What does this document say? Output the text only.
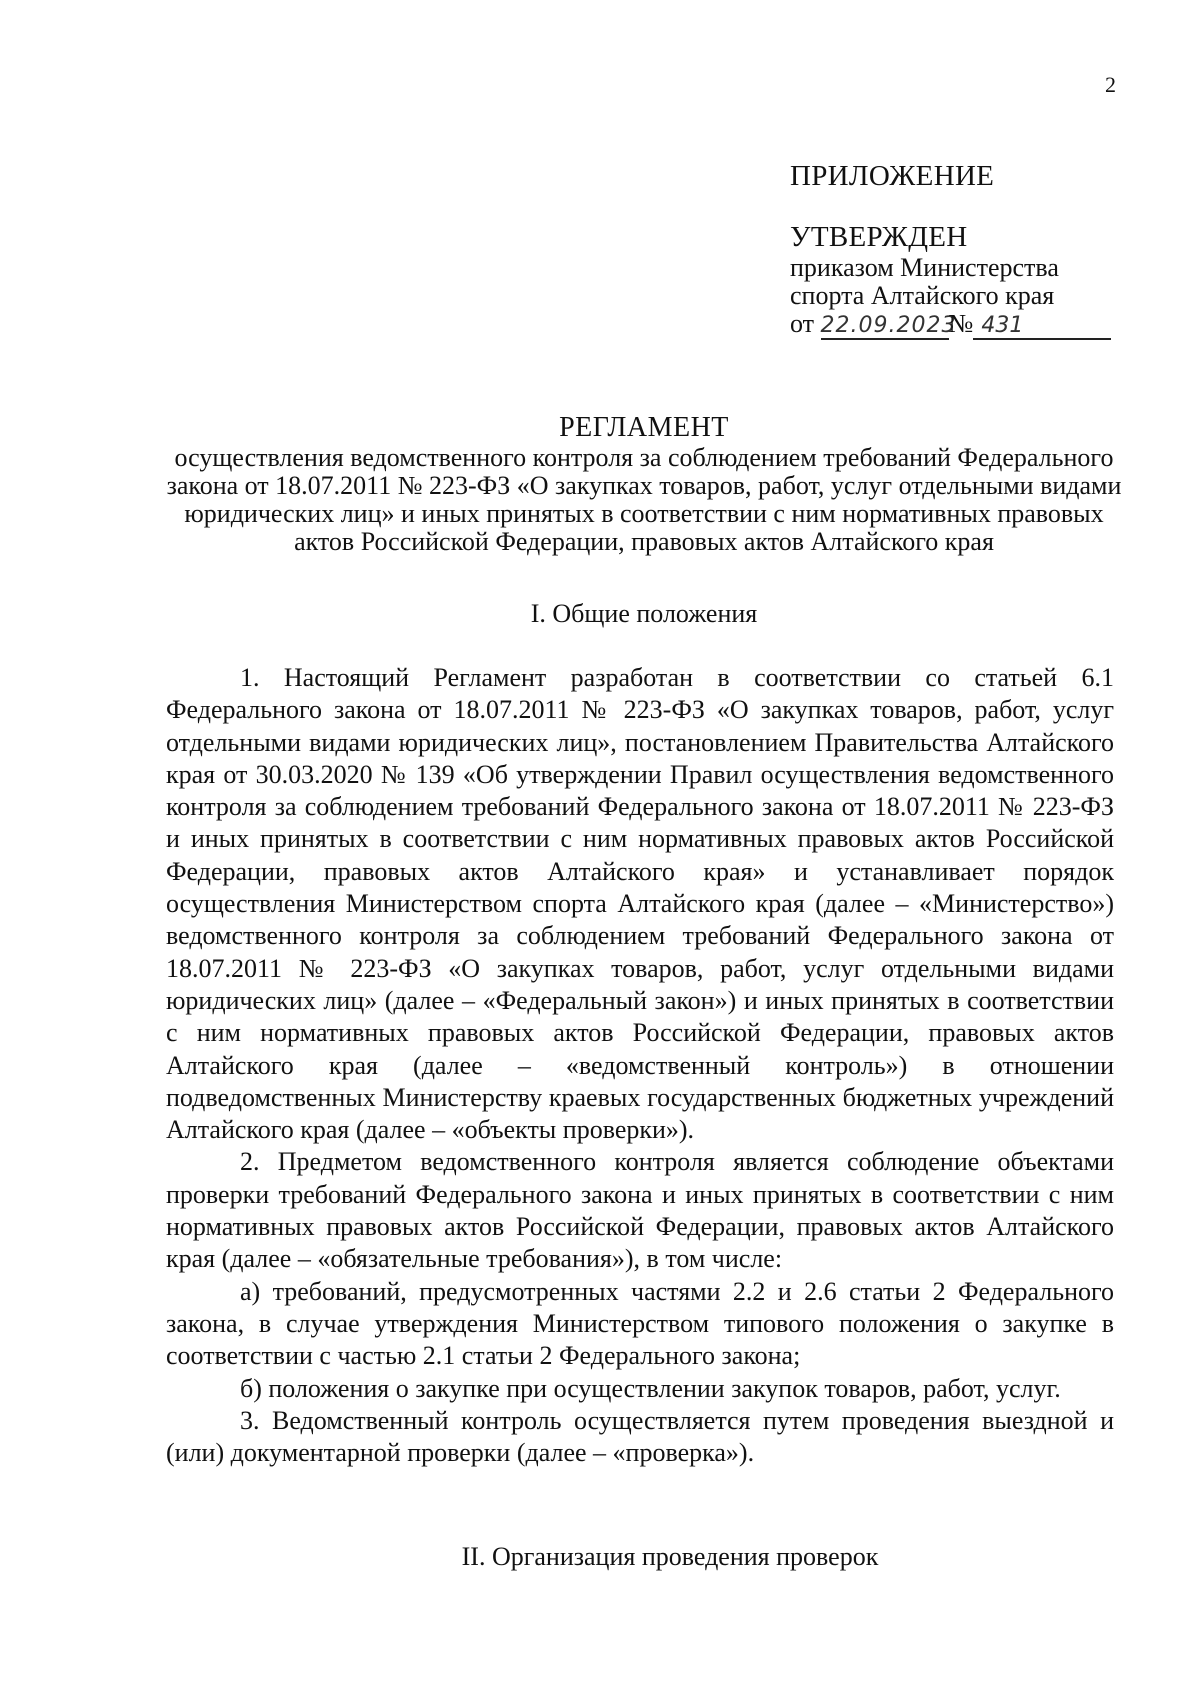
2
ПРИЛОЖЕНИЕ
УТВЕРЖДЕН
приказом Министерства
спорта Алтайского края
от 22.09.2023№ 431
РЕГЛАМЕНТ
осуществления ведомственного контроля за соблюдением требований Федерального закона от 18.07.2011 № 223-ФЗ «О закупках товаров, работ, услуг отдельными видами юридических лиц» и иных принятых в соответствии с ним нормативных правовых актов Российской Федерации, правовых актов Алтайского края
I. Общие положения

1. Настоящий Регламент разработан в соответствии со статьей 6.1 Федерального закона от 18.07.2011 № 223-ФЗ «О закупках товаров, работ, услуг отдельными видами юридических лиц», постановлением Правительства Алтайского края от 30.03.2020 № 139 «Об утверждении Правил осуществления ведомственного контроля за соблюдением требований Федерального закона от 18.07.2011 № 223-ФЗ и иных принятых в соответствии с ним нормативных правовых актов Российской Федерации, правовых актов Алтайского края» и устанавливает порядок осуществления Министерством спорта Алтайского края (далее – «Министерство») ведомственного контроля за соблюдением требований Федерального закона от 18.07.2011 № 223-ФЗ «О закупках товаров, работ, услуг отдельными видами юридических лиц» (далее – «Федеральный закон») и иных принятых в соответствии с ним нормативных правовых актов Российской Федерации, правовых актов Алтайского края (далее – «ведомственный контроль») в отношении подведомственных Министерству краевых государственных бюджетных учреждений Алтайского края (далее – «объекты проверки»).

2. Предметом ведомственного контроля является соблюдение объектами проверки требований Федерального закона и иных принятых в соответствии с ним нормативных правовых актов Российской Федерации, правовых актов Алтайского края (далее – «обязательные требования»), в том числе:

а) требований, предусмотренных частями 2.2 и 2.6 статьи 2 Федерального закона, в случае утверждения Министерством типового положения о закупке в соответствии с частью 2.1 статьи 2 Федерального закона;

б) положения о закупке при осуществлении закупок товаров, работ, услуг.

3. Ведомственный контроль осуществляется путем проведения выездной и (или) документарной проверки (далее – «проверка»).

II. Организация проведения проверок
